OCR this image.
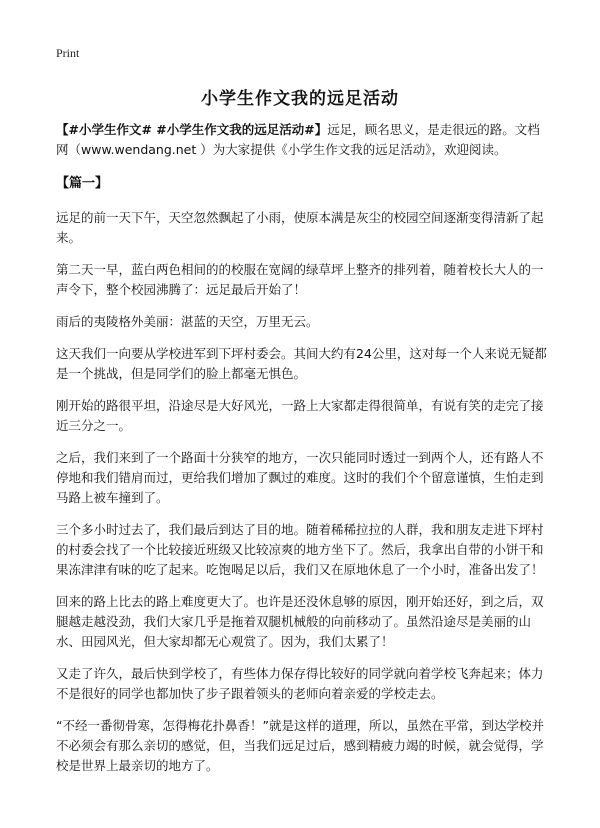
Print
小学生作文我的远足活动

【#小学生作文# #小学生作文我的远足活动#】远足，顾名思义，是走很远的路。文档网（www.wendang.net ）为大家提供《小学生作文我的远足活动》，欢迎阅读。

【篇一】

远足的前一天下午，天空忽然飘起了小雨，使原本满是灰尘的校园空间逐渐变得清新了起来。

第二天一早，蓝白两色相间的的校服在宽阔的绿草坪上整齐的排列着，随着校长大人的一声令下，整个校园沸腾了：远足最后开始了！

雨后的夷陵格外美丽：湛蓝的天空，万里无云。

这天我们一向要从学校进军到下坪村委会。其间大约有24公里，这对每一个人来说无疑都是一个挑战，但是同学们的脸上都毫无惧色。

刚开始的路很平坦，沿途尽是大好风光，一路上大家都走得很简单，有说有笑的走完了接近三分之一。

之后，我们来到了一个路面十分狭窄的地方，一次只能同时透过一到两个人，还有路人不停地和我们错肩而过，更给我们增加了飘过的难度。这时的我们个个留意谨慎，生怕走到马路上被车撞到了。

三个多小时过去了，我们最后到达了目的地。随着稀稀拉拉的人群，我和朋友走进下坪村的村委会找了一个比较接近班级又比较凉爽的地方坐下了。然后，我拿出自带的小饼干和果冻津津有味的吃了起来。吃饱喝足以后，我们又在原地休息了一个小时，准备出发了！

回来的路上比去的路上难度更大了。也许是还没休息够的原因，刚开始还好，到之后，双腿越走越没劲，我们大家几乎是拖着双腿机械般的向前移动了。虽然沿途尽是美丽的山水、田园风光，但大家却都无心观赏了。因为，我们太累了！

又走了许久，最后快到学校了，有些体力保存得比较好的同学就向着学校飞奔起来；体力不是很好的同学也都加快了步子跟着领头的老师向着亲爱的学校走去。

“不经一番彻骨寒，怎得梅花扑鼻香！”就是这样的道理，所以，虽然在平常，到达学校并不必须会有那么亲切的感觉，但，当我们远足过后，感到精疲力竭的时候，就会觉得，学校是世界上最亲切的地方了。
